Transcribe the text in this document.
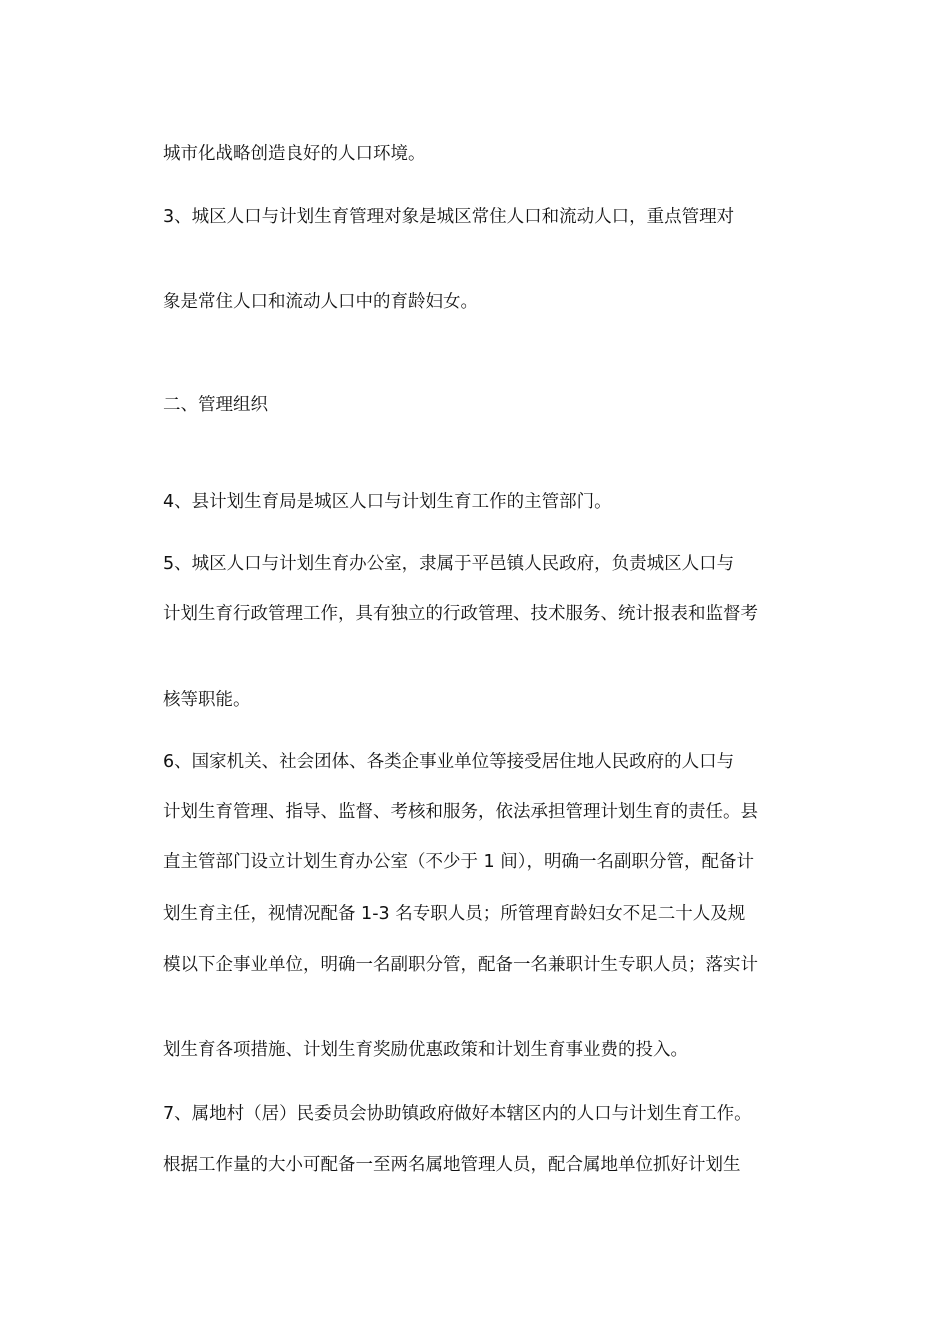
城市化战略创造良好的人口环境。
3、城区人口与计划生育管理对象是城区常住人口和流动人口，重点管理对
象是常住人口和流动人口中的育龄妇女。
二、管理组织
4、县计划生育局是城区人口与计划生育工作的主管部门。
5、城区人口与计划生育办公室，隶属于平邑镇人民政府，负责城区人口与
计划生育行政管理工作，具有独立的行政管理、技术服务、统计报表和监督考
核等职能。
6、国家机关、社会团体、各类企事业单位等接受居住地人民政府的人口与
计划生育管理、指导、监督、考核和服务，依法承担管理计划生育的责任。县
直主管部门设立计划生育办公室（不少于 1 间），明确一名副职分管，配备计
划生育主任，视情况配备 1-3 名专职人员；所管理育龄妇女不足二十人及规
模以下企事业单位，明确一名副职分管，配备一名兼职计生专职人员；落实计
划生育各项措施、计划生育奖励优惠政策和计划生育事业费的投入。
7、属地村（居）民委员会协助镇政府做好本辖区内的人口与计划生育工作。
根据工作量的大小可配备一至两名属地管理人员，配合属地单位抓好计划生
